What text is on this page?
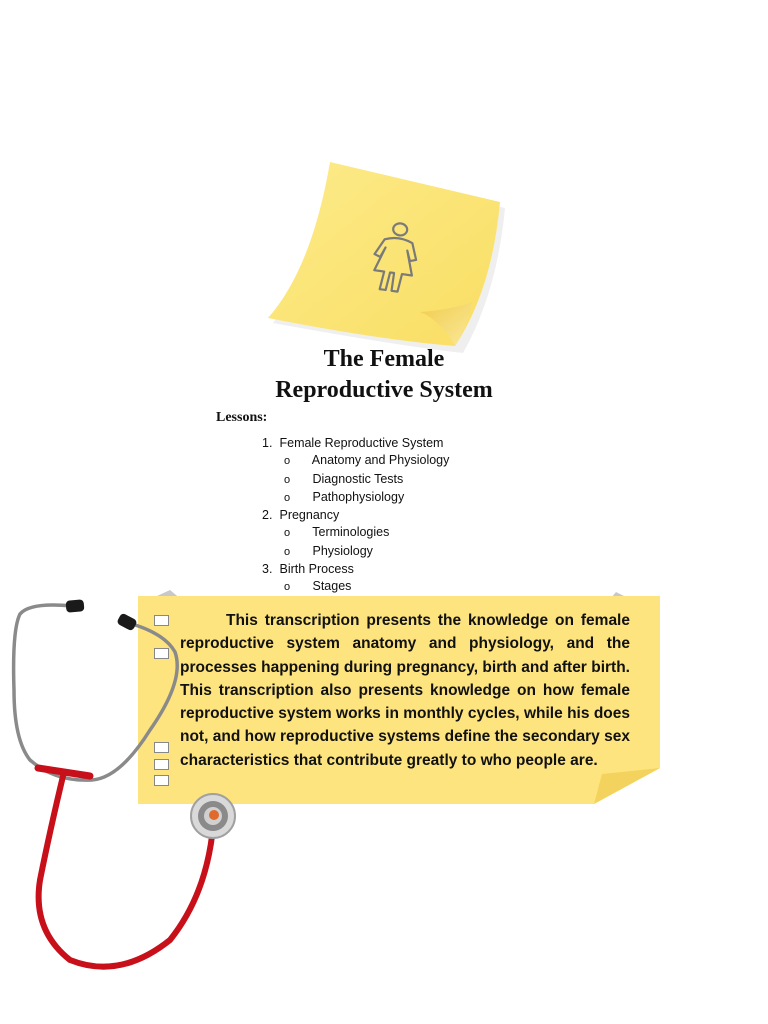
The Female
Reproductive System
Lessons:
1. Female Reproductive System
o Anatomy and Physiology
o Diagnostic Tests
o Pathophysiology
2. Pregnancy
o Terminologies
o Physiology
3. Birth Process
o Stages
This transcription presents the knowledge on female reproductive system anatomy and physiology, and the processes happening during pregnancy, birth and after birth. This transcription also presents knowledge on how female reproductive system works in monthly cycles, while his does not, and how reproductive systems define the secondary sex characteristics that contribute greatly to who people are.
